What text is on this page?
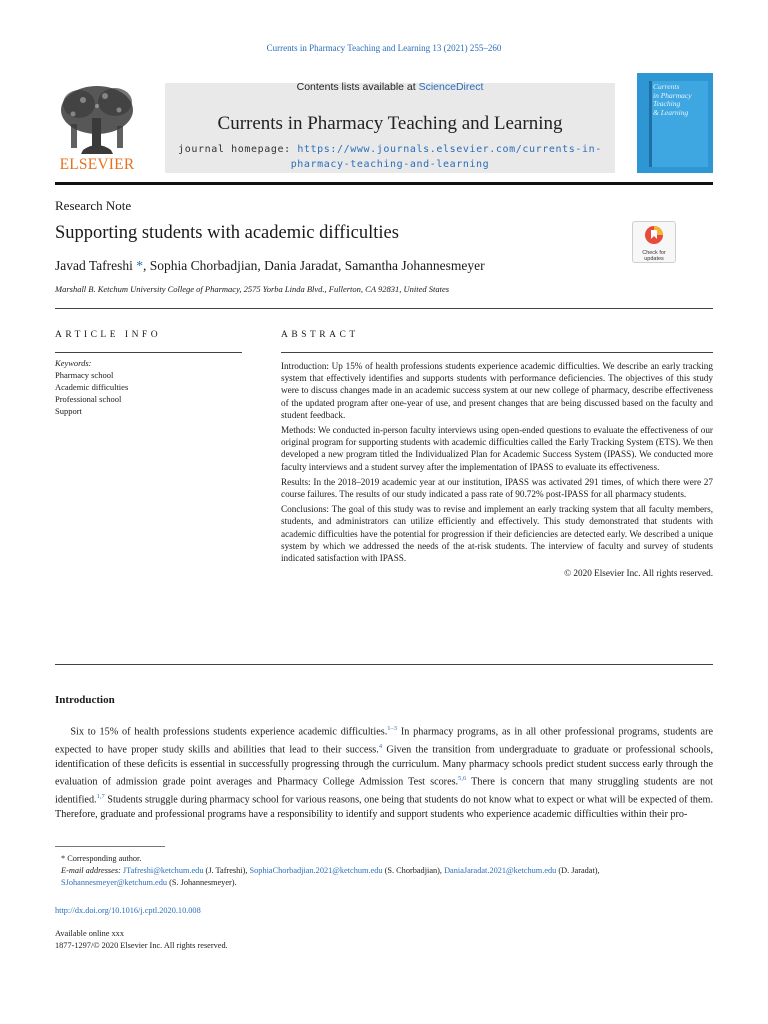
Currents in Pharmacy Teaching and Learning 13 (2021) 255–260
Contents lists available at ScienceDirect
Currents in Pharmacy Teaching and Learning
journal homepage: https://www.journals.elsevier.com/currents-in-
pharmacy-teaching-and-learning
ELSEVIER
Currents
in Pharmacy
Teaching
& Learning
Research Note
Supporting students with academic difficulties
Check for
updates
Javad Tafreshi *, Sophia Chorbadjian, Dania Jaradat, Samantha Johannesmeyer
Marshall B. Ketchum University College of Pharmacy, 2575 Yorba Linda Blvd., Fullerton, CA 92831, United States
ARTICLE INFO	ABSTRACT
Keywords:
Pharmacy school
Academic difficulties
Professional school
Support

Introduction: Up 15% of health professions students experience academic difficulties. We describe an early tracking system that effectively identifies and supports students with performance deficiencies. The objectives of this study were to discuss changes made in an academic success system at our new college of pharmacy, describe effectiveness of the updated program after one-year of use, and present changes that are being discussed based on the faculty and student feedback.

Methods: We conducted in-person faculty interviews using open-ended questions to evaluate the effectiveness of our original program for supporting students with academic difficulties called the Early Tracking System (ETS). We then developed a new program titled the Individualized Plan for Academic Success System (IPASS). We conducted more faculty interviews and a student survey after the implementation of IPASS to evaluate its effectiveness.

Results: In the 2018–2019 academic year at our institution, IPASS was activated 291 times, of which there were 27 course failures. The results of our study indicated a pass rate of 90.72% post-IPASS for all pharmacy students.

Conclusions: The goal of this study was to revise and implement an early tracking system that all faculty members, students, and administrators can utilize efficiently and effectively. This study demonstrated that students with academic difficulties have the potential for progression if their deficiencies are detected early. We described a unique system by which we addressed the needs of the at-risk students. The interview of faculty and survey of students indicated satisfaction with IPASS.

© 2020 Elsevier Inc. All rights reserved.

Introduction
Six to 15% of health professions students experience academic difficulties.$^{1-3}$ In pharmacy programs, as in all other professional programs, students are expected to have proper study skills and abilities that lead to their success.$^4$ Given the transition from undergraduate to graduate or professional schools, identification of these deficits is essential in successfully progressing through the curriculum. Many pharmacy schools predict student success early through the evaluation of admission grade point averages and Pharmacy College Admission Test scores.$^{5,6}$ There is concern that many struggling students are not identified.$^{1,7}$ Students struggle during pharmacy school for various reasons, one being that students do not know what to expect or what will be expected of them. Therefore, graduate and professional programs have a responsibility to identify and support students who experience academic difficulties within their pro-
* Corresponding author.
E-mail addresses: JTafreshi@ketchum.edu (J. Tafreshi), SophiaChorbadjian.2021@ketchum.edu (S. Chorbadjian), DaniaJaradat.2021@ketchum.edu (D. Jaradat),
SJohannesmeyer@ketchum.edu (S. Johannesmeyer).
http://dx.doi.org/10.1016/j.cptl.2020.10.008
Available online xxx
1877-1297/© 2020 Elsevier Inc. All rights reserved.
